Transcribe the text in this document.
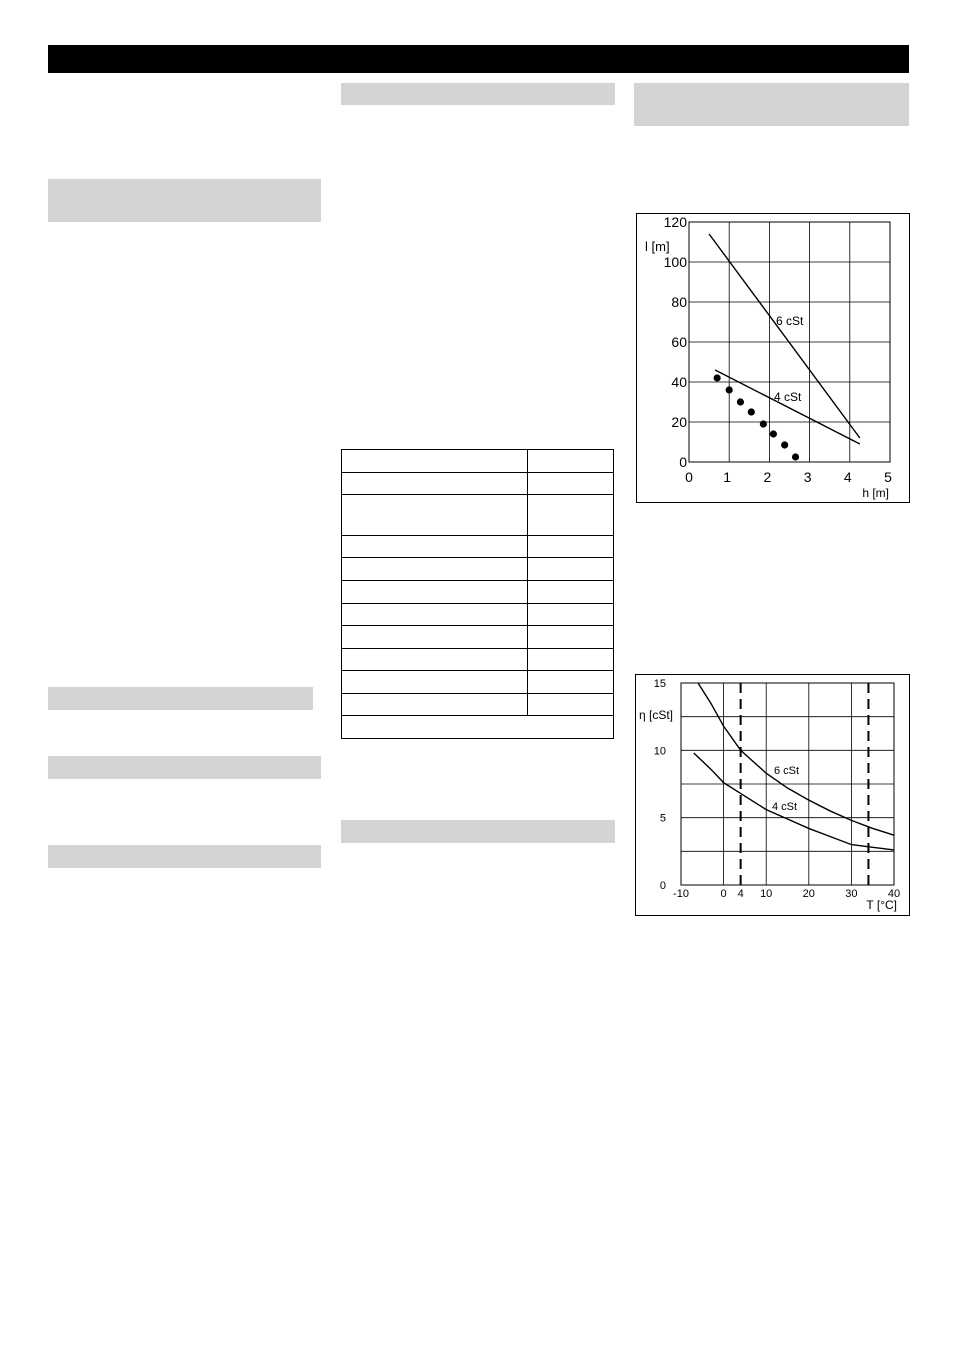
0 1 2 3 4 5
0
20
40
60
80
100
120
l [m]
h [m]
6 cSt
4 cSt
-10	0 4 10	20	30	40
0
5
10
15
η [cSt]
T [°C]
6 cSt
4 cSt
